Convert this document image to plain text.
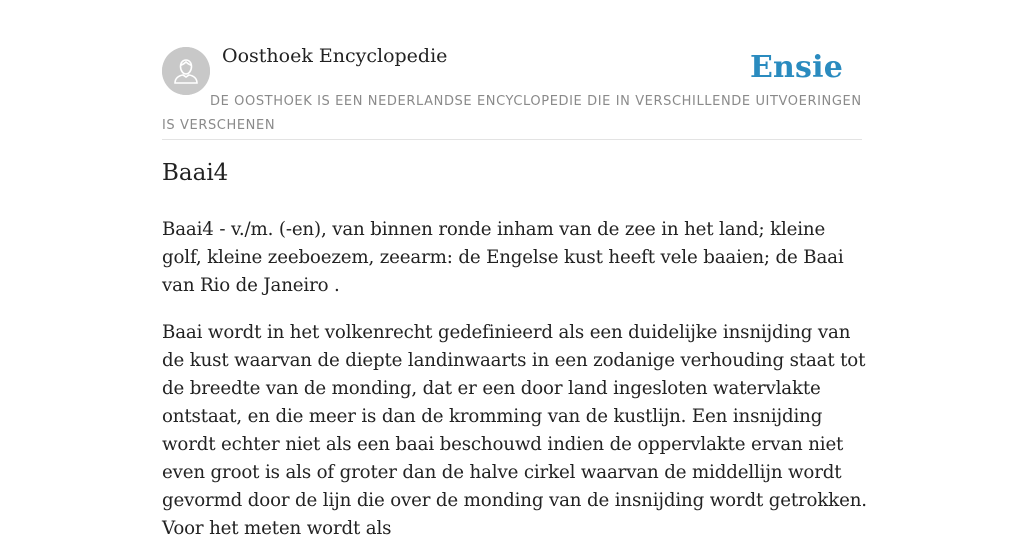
Oosthoek Encyclopedie	Ensie
DE OOSTHOEK IS EEN NEDERLANDSE ENCYCLOPEDIE DIE IN VERSCHILLENDE UITVOERINGEN IS VERSCHENEN
Baai4

Baai4 - v./m. (-en), van binnen ronde inham van de zee in het land; kleine golf, kleine zeeboezem, zeearm: de Engelse kust heeft vele baaien; de Baai van Rio de Janeiro .

Baai wordt in het volkenrecht gedefinieerd als een duidelijke insnijding van de kust waarvan de diepte landinwaarts in een zodanige verhouding staat tot de breedte van de monding, dat er een door land ingesloten watervlakte ontstaat, en die meer is dan de kromming van de kustlijn. Een insnijding wordt echter niet als een baai beschouwd indien de oppervlakte ervan niet even groot is als of groter dan de halve cirkel waarvan de middellijn wordt gevormd door de lijn die over de monding van de insnijding wordt getrokken. Voor het meten wordt als
